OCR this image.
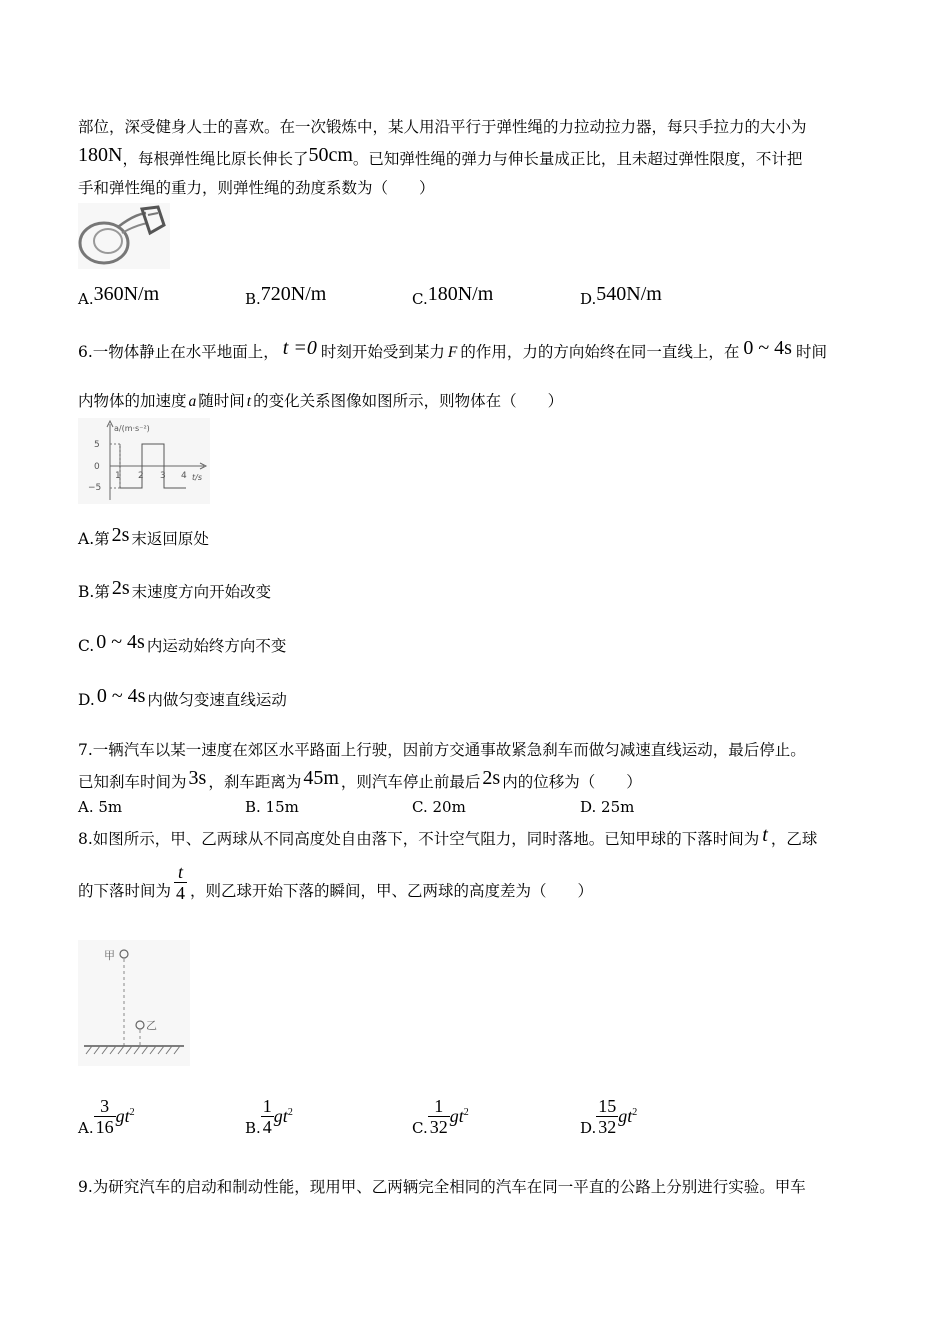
部位，深受健身人士的喜欢。在一次锻炼中，某人用沿平行于弹性绳的力拉动拉力器，每只手拉力的大小为
180N，每根弹性绳比原长伸长了50cm。已知弹性绳的弹力与伸长量成正比，且未超过弹性限度，不计把
手和弹性绳的重力，则弹性绳的劲度系数为（　　）
A.360N/m	B.720N/m	C.180N/m	D.540N/m
6.一物体静止在水平地面上， t =0 时刻开始受到某力 F 的作用，力的方向始终在同一直线上，在 0 ~ 4s 时间
内物体的加速度 a 随时间 t 的变化关系图像如图所示，则物体在（　　）
a/(m·s⁻²)
t/s
5
0
−5
1 2 3 4
A.第 2s 末返回原处
B.第 2s 末速度方向开始改变
C. 0 ~ 4s 内运动始终方向不变
D. 0 ~ 4s 内做匀变速直线运动
7.一辆汽车以某一速度在郊区水平路面上行驶，因前方交通事故紧急刹车而做匀减速直线运动，最后停止。
已知刹车时间为 3s ，刹车距离为 45m ，则汽车停止前最后 2s 内的位移为（　　）
A. 5m	B. 15m	C. 20m	D. 25m
8.如图所示，甲、乙两球从不同高度处自由落下，不计空气阻力，同时落地。已知甲球的下落时间为 t ，乙球
的下落时间为 $\frac{t}{4}$ ，则乙球开始下落的瞬间，甲、乙两球的高度差为（　　）
甲
乙
A. $\frac{3}{16} gt^2$
B. $\frac{1}{4} gt^2$
C. $\frac{1}{32} gt^2$
D. $\frac{15}{32} gt^2$
9.为研究汽车的启动和制动性能，现用甲、乙两辆完全相同的汽车在同一平直的公路上分别进行实验。甲车
